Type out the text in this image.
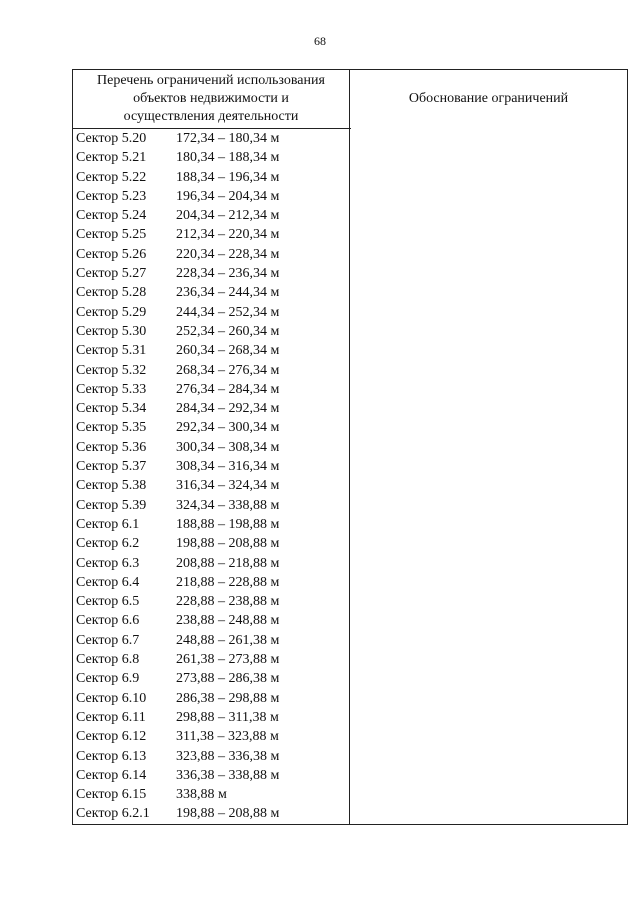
68
Перечень ограничений использования
объектов недвижимости и
осуществления деятельности
Обоснование ограничений
Сектор 5.20 172,34 – 180,34 м
Сектор 5.21 180,34 – 188,34 м
Сектор 5.22 188,34 – 196,34 м
Сектор 5.23 196,34 – 204,34 м
Сектор 5.24 204,34 – 212,34 м
Сектор 5.25 212,34 – 220,34 м
Сектор 5.26 220,34 – 228,34 м
Сектор 5.27 228,34 – 236,34 м
Сектор 5.28 236,34 – 244,34 м
Сектор 5.29 244,34 – 252,34 м
Сектор 5.30 252,34 – 260,34 м
Сектор 5.31 260,34 – 268,34 м
Сектор 5.32 268,34 – 276,34 м
Сектор 5.33 276,34 – 284,34 м
Сектор 5.34 284,34 – 292,34 м
Сектор 5.35 292,34 – 300,34 м
Сектор 5.36 300,34 – 308,34 м
Сектор 5.37 308,34 – 316,34 м
Сектор 5.38 316,34 – 324,34 м
Сектор 5.39 324,34 – 338,88 м
Сектор 6.1	188,88 – 198,88 м
Сектор 6.2	198,88 – 208,88 м
Сектор 6.3	208,88 – 218,88 м
Сектор 6.4	218,88 – 228,88 м
Сектор 6.5	228,88 – 238,88 м
Сектор 6.6	238,88 – 248,88 м
Сектор 6.7	248,88 – 261,38 м
Сектор 6.8	261,38 – 273,88 м
Сектор 6.9	273,88 – 286,38 м
Сектор 6.10 286,38 – 298,88 м
Сектор 6.11 298,88 – 311,38 м
Сектор 6.12 311,38 – 323,88 м
Сектор 6.13 323,88 – 336,38 м
Сектор 6.14 336,38 – 338,88 м
Сектор 6.15 338,88 м
Сектор 6.2.1 198,88 – 208,88 м
